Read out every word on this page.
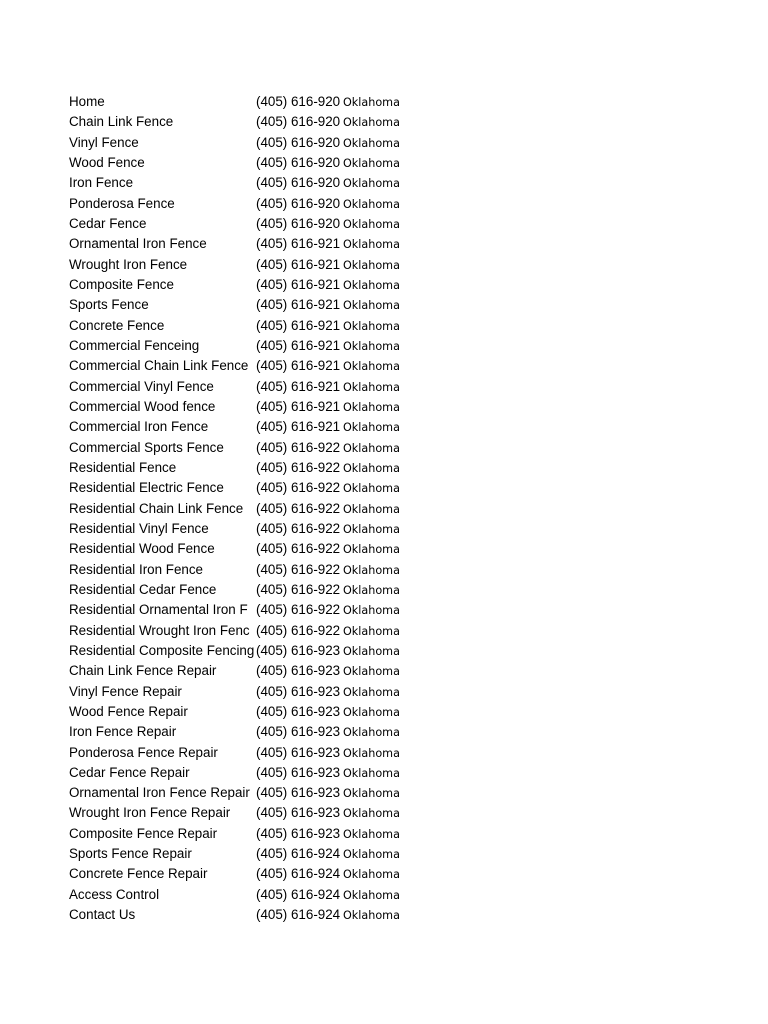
Home	(405) 616-920 Oklahoma
Chain Link Fence	(405) 616-920 Oklahoma
Vinyl Fence	(405) 616-920 Oklahoma
Wood Fence	(405) 616-920 Oklahoma
Iron Fence	(405) 616-920 Oklahoma
Ponderosa Fence	(405) 616-920 Oklahoma
Cedar Fence	(405) 616-920 Oklahoma
Ornamental Iron Fence	(405) 616-921 Oklahoma
Wrought Iron Fence	(405) 616-921 Oklahoma
Composite Fence	(405) 616-921 Oklahoma
Sports Fence	(405) 616-921 Oklahoma
Concrete Fence	(405) 616-921 Oklahoma
Commercial Fenceing	(405) 616-921 Oklahoma
Commercial Chain Link Fence (405) 616-921 Oklahoma
Commercial Vinyl Fence	(405) 616-921 Oklahoma
Commercial Wood fence	(405) 616-921 Oklahoma
Commercial Iron Fence	(405) 616-921 Oklahoma
Commercial Sports Fence	(405) 616-922 Oklahoma
Residential Fence	(405) 616-922 Oklahoma
Residential Electric Fence	(405) 616-922 Oklahoma
Residential Chain Link Fence (405) 616-922 Oklahoma
Residential Vinyl Fence	(405) 616-922 Oklahoma
Residential Wood Fence	(405) 616-922 Oklahoma
Residential Iron Fence	(405) 616-922 Oklahoma
Residential Cedar Fence	(405) 616-922 Oklahoma
Residential Ornamental Iron F (405) 616-922 Oklahoma
Residential Wrought Iron Fenc (405) 616-922 Oklahoma
Residential Composite Fencing (405) 616-923 Oklahoma
Chain Link Fence Repair	(405) 616-923 Oklahoma
Vinyl Fence Repair	(405) 616-923 Oklahoma
Wood Fence Repair	(405) 616-923 Oklahoma
Iron Fence Repair	(405) 616-923 Oklahoma
Ponderosa Fence Repair	(405) 616-923 Oklahoma
Cedar Fence Repair	(405) 616-923 Oklahoma
Ornamental Iron Fence Repair (405) 616-923 Oklahoma
Wrought Iron Fence Repair	(405) 616-923 Oklahoma
Composite Fence Repair	(405) 616-923 Oklahoma
Sports Fence Repair	(405) 616-924 Oklahoma
Concrete Fence Repair	(405) 616-924 Oklahoma
Access Control	(405) 616-924 Oklahoma
Contact Us	(405) 616-924 Oklahoma
